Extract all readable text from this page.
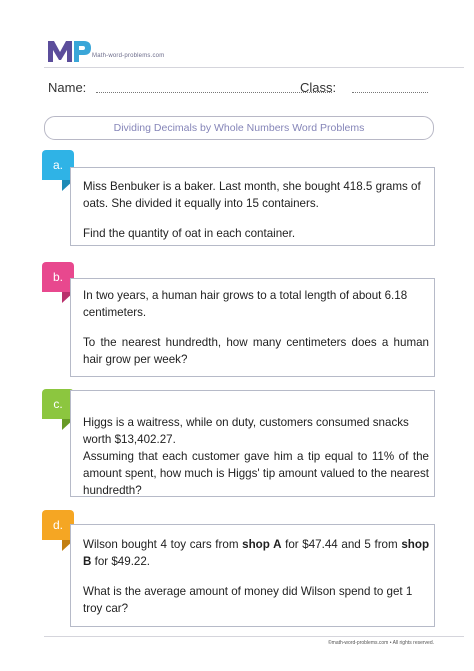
Math-word-problems.com
Name:	Class:
Dividing Decimals by Whole Numbers Word Problems
a.

Miss Benbuker is a baker. Last month, she bought 418.5 grams of oats. She divided it equally into 15 containers.

Find the quantity of oat in each container.

b.

In two years, a human hair grows to a total length of about 6.18 centimeters.

To the nearest hundredth, how many centimeters does a human hair grow per week?

c.

Higgs is a waitress, while on duty, customers consumed snacks worth $13,402.27.

Assuming that each customer gave him a tip equal to 11% of the amount spent, how much is Higgs' tip amount valued to the nearest hundredth?

d.

Wilson bought 4 toy cars from shop A for $47.44 and 5 from shop B for $49.22.

What is the average amount of money did Wilson spend to get 1 troy car?

©math-word-problems.com • All rights reserved.
